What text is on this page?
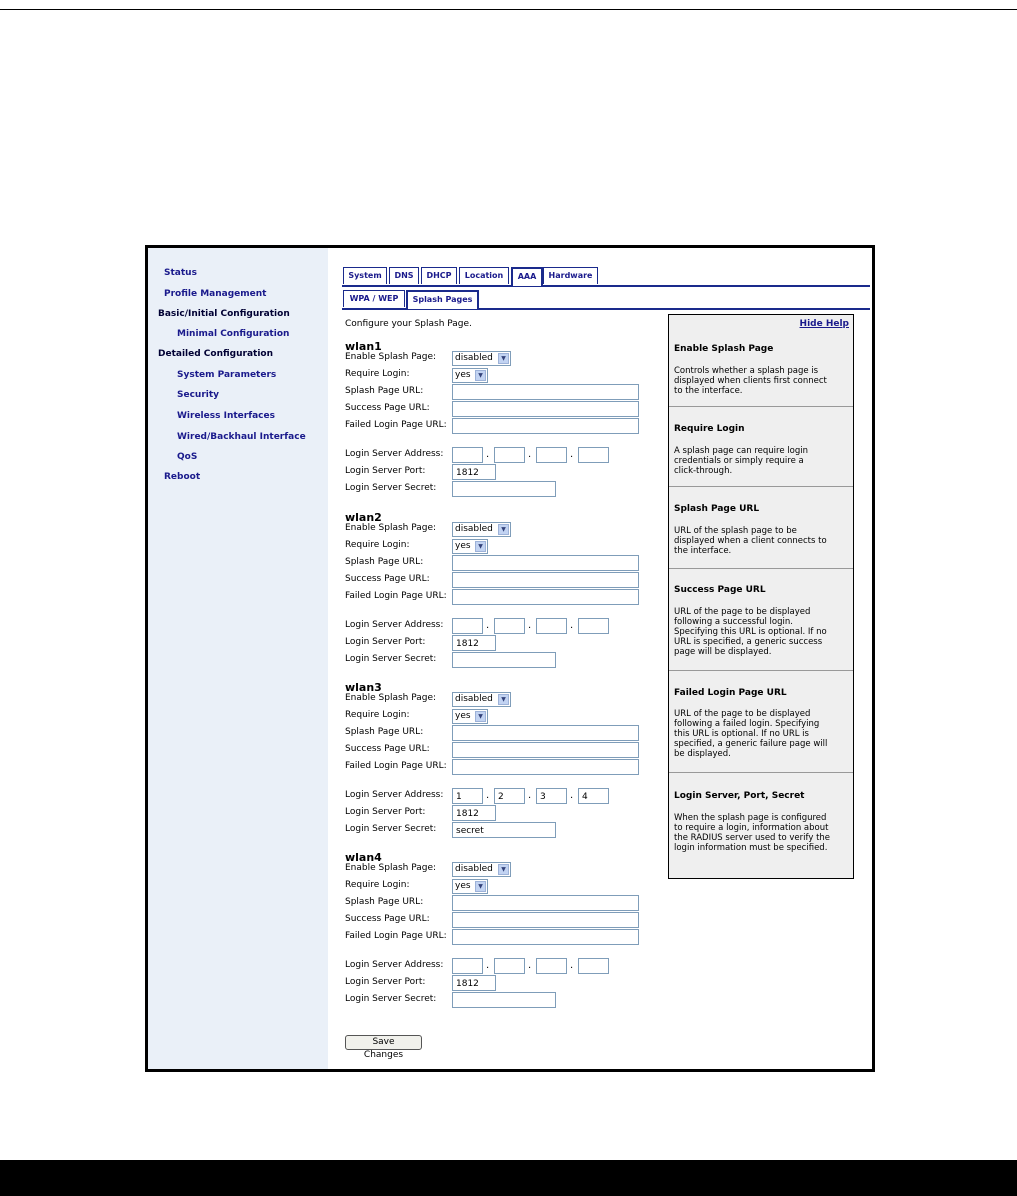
Status
Profile Management
Basic/Initial Configuration
Minimal Configuration
Detailed Configuration
System Parameters
Security
Wireless Interfaces
Wired/Backhaul Interface
QoS
Reboot
System	DNS	DHCP	Location	AAA	Hardware
WPA / WEP	Splash Pages
Configure your Splash Page.
wlan1
Enable Splash Page:	disabled	▼
Require Login:	yes	▼
Splash Page URL:
Success Page URL:
Failed Login Page URL:
Login Server Address:	.	.	.
Login Server Port:	1812
Login Server Secret:
wlan2
Enable Splash Page:	disabled	▼
Require Login:	yes	▼
Splash Page URL:
Success Page URL:
Failed Login Page URL:
Login Server Address:	.	.	.
Login Server Port:	1812
Login Server Secret:
wlan3
Enable Splash Page:	disabled	▼
Require Login:	yes	▼
Splash Page URL:
Success Page URL:
Failed Login Page URL:
Login Server Address:	1	. 2	. 3	. 4
Login Server Port:	1812
Login Server Secret:	secret
wlan4
Enable Splash Page:	disabled	▼
Require Login:	yes	▼
Splash Page URL:
Success Page URL:
Failed Login Page URL:
Login Server Address:	.	.	.
Login Server Port:	1812
Login Server Secret:
Save Changes
Hide Help
Enable Splash Page
Controls whether a splash page is
displayed when clients first connect
to the interface.
Require Login
A splash page can require login
credentials or simply require a
click-through.
Splash Page URL
URL of the splash page to be
displayed when a client connects to
the interface.
Success Page URL
URL of the page to be displayed
following a successful login.
Specifying this URL is optional. If no
URL is specified, a generic success
page will be displayed.
Failed Login Page URL
URL of the page to be displayed
following a failed login. Specifying
this URL is optional. If no URL is
specified, a generic failure page will
be displayed.
Login Server, Port, Secret
When the splash page is configured
to require a login, information about
the RADIUS server used to verify the
login information must be specified.
